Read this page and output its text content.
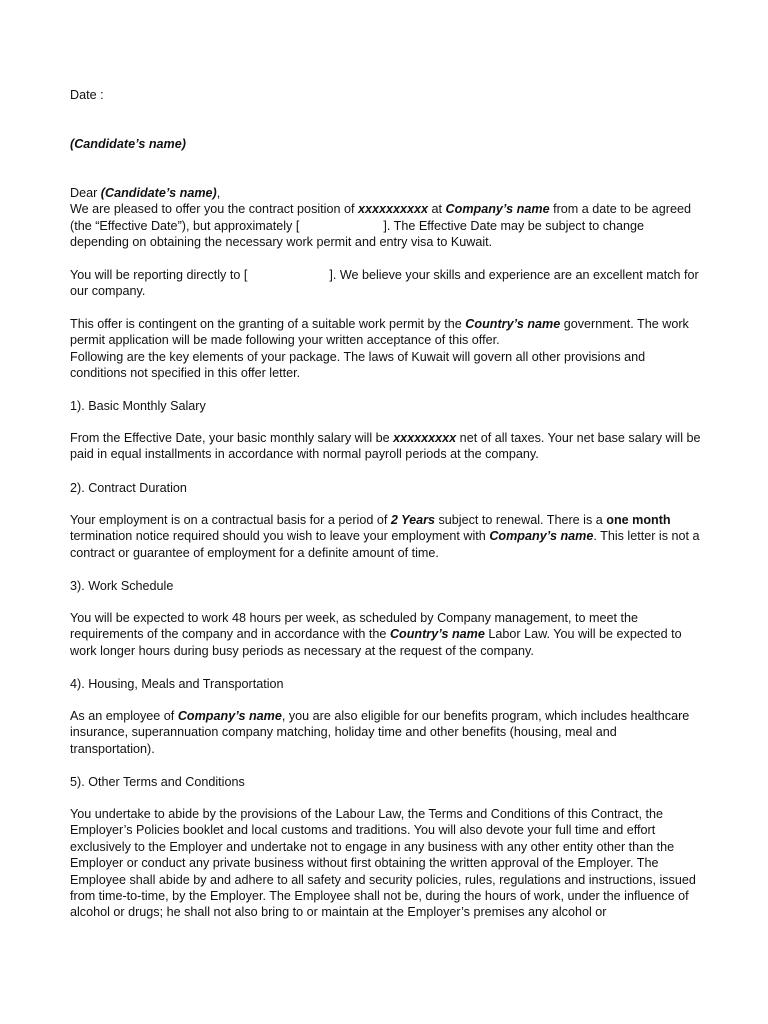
Date :

(Candidate’s name)

Dear (Candidate’s name),
We are pleased to offer you the contract position of xxxxxxxxxx at Company’s name from a date to be agreed (the “Effective Date”), but approximately [	]. The Effective Date may be subject to change depending on obtaining the necessary work permit and entry visa to Kuwait.

You will be reporting directly to [	]. We believe your skills and experience are an excellent match for our company.

This offer is contingent on the granting of a suitable work permit by the Country’s name government. The work permit application will be made following your written acceptance of this offer.
Following are the key elements of your package. The laws of Kuwait will govern all other provisions and conditions not specified in this offer letter.

1). Basic Monthly Salary

From the Effective Date, your basic monthly salary will be xxxxxxxxx net of all taxes. Your net base salary will be paid in equal installments in accordance with normal payroll periods at the company.

2). Contract Duration

Your employment is on a contractual basis for a period of 2 Years subject to renewal. There is a one month termination notice required should you wish to leave your employment with Company’s name. This letter is not a contract or guarantee of employment for a definite amount of time.

3). Work Schedule

You will be expected to work 48 hours per week, as scheduled by Company management, to meet the requirements of the company and in accordance with the Country’s name Labor Law. You will be expected to work longer hours during busy periods as necessary at the request of the company.

4). Housing, Meals and Transportation

As an employee of Company’s name, you are also eligible for our benefits program, which includes healthcare insurance, superannuation company matching, holiday time and other benefits (housing, meal and transportation).

5). Other Terms and Conditions

You undertake to abide by the provisions of the Labour Law, the Terms and Conditions of this Contract, the Employer’s Policies booklet and local customs and traditions. You will also devote your full time and effort exclusively to the Employer and undertake not to engage in any business with any other entity other than the Employer or conduct any private business without first obtaining the written approval of the Employer. The Employee shall abide by and adhere to all safety and security policies, rules, regulations and instructions, issued from time-to-time, by the Employer. The Employee shall not be, during the hours of work, under the influence of alcohol or drugs; he shall not also bring to or maintain at the Employer’s premises any alcohol or
